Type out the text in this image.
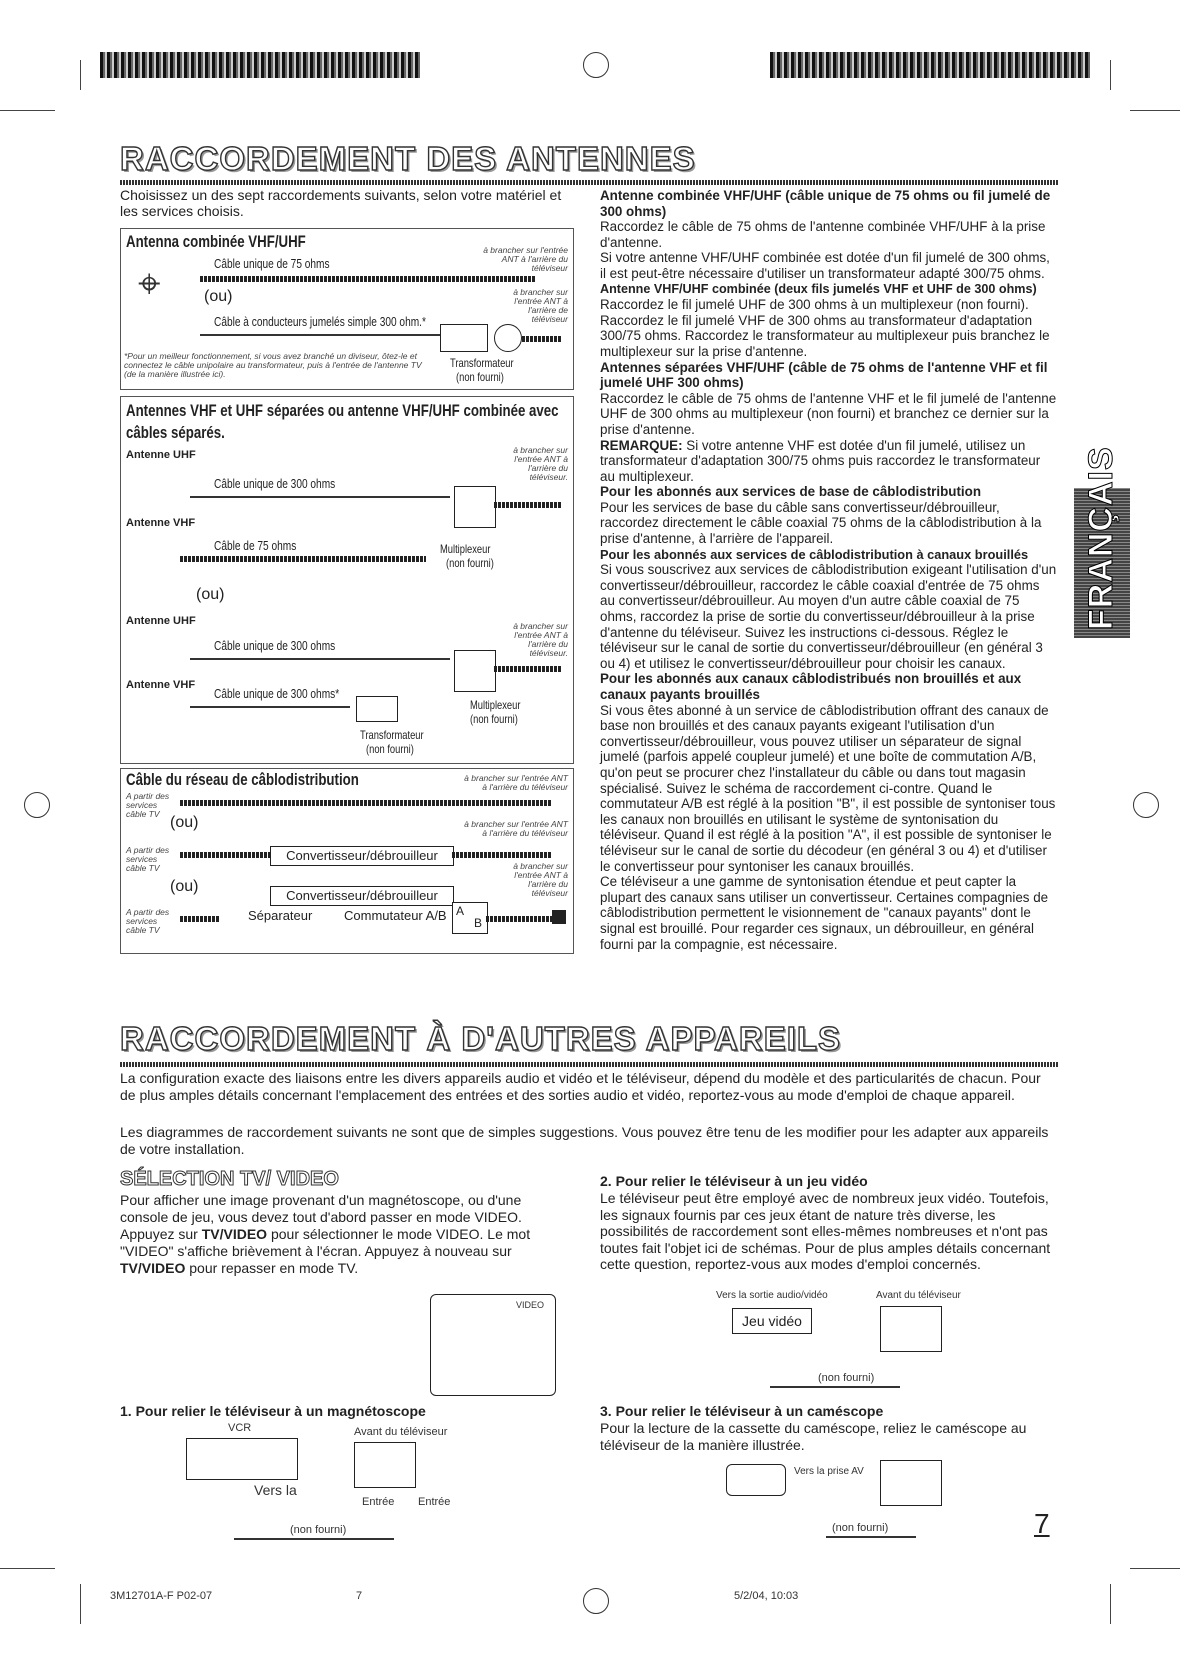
RACCORDEMENT DES ANTENNES

Choisissez un des sept raccordements suivants, selon votre matériel et les services choisis.

Antenna combinée VHF/UHF
⌖	Câble unique de 75 ohms
à brancher sur l'entrée ANT à l'arrière du téléviseur
(ou)	à brancher sur l'entrée ANT à l'arrière de téléviseur
Câble à conducteurs jumelés simple 300 ohm.*
*Pour un meilleur fonctionnement, si vous avez branché un diviseur, ôtez-le et connectez le câble unipolaire au transformateur, puis à l'entrée de l'antenne TV (de la manière illustrée ici).
Transformateur
(non fourni)
Antennes VHF et UHF séparées ou antenne VHF/UHF combinée avec câbles séparés.
Antenne UHF
Câble unique de 300 ohms
Antenne VHF
Câble de 75 ohms	Multiplexeur
(non fourni)
à brancher sur l'entrée ANT à l'arrière du téléviseur.
(ou)
Antenne UHF
Câble unique de 300 ohms
à brancher sur l'entrée ANT à l'arrière du téléviseur.
Antenne VHF
Câble unique de 300 ohms*
Multiplexeur
(non fourni)
Transformateur
(non fourni)
Câble du réseau de câblodistribution
A partir des services câble TV
à brancher sur l'entrée ANT à l'arrière du téléviseur
(ou)	à brancher sur l'entrée ANT à l'arrière du téléviseur
A partir des services câble TV
Convertisseur/débrouilleur
(ou)
à brancher sur l'entrée ANT à l'arrière du téléviseur
Convertisseur/débrouilleur
A partir des services câble TV
Séparateur Commutateur A/B A
B
Antenne combinée VHF/UHF (câble unique de 75 ohms ou fil jumelé de 300 ohms)

Raccordez le câble de 75 ohms de l'antenne combinée VHF/UHF à la prise d'antenne.

Si votre antenne VHF/UHF combinée est dotée d'un fil jumelé de 300 ohms, il est peut-être nécessaire d'utiliser un transformateur adapté 300/75 ohms.

Antenne VHF/UHF combinée (deux fils jumelés VHF et UHF de 300 ohms)

Raccordez le fil jumelé UHF de 300 ohms à un multiplexeur (non fourni). Raccordez le fil jumelé VHF de 300 ohms au transformateur d'adaptation 300/75 ohms. Raccordez le transformateur au multiplexeur puis branchez le multiplexeur sur la prise d'antenne.

Antennes séparées VHF/UHF (câble de 75 ohms de l'antenne VHF et fil jumelé UHF 300 ohms)

Raccordez le câble de 75 ohms de l'antenne VHF et le fil jumelé de l'antenne UHF de 300 ohms au multiplexeur (non fourni) et branchez ce dernier sur la prise d'antenne.

REMARQUE: Si votre antenne VHF est dotée d'un fil jumelé, utilisez un transformateur d'adaptation 300/75 ohms puis raccordez le transformateur au multiplexeur.

Pour les abonnés aux services de base de câblodistribution

Pour les services de base du câble sans convertisseur/débrouilleur, raccordez directement le câble coaxial 75 ohms de la câblodistribution à la prise d'antenne, à l'arrière de l'appareil.

Pour les abonnés aux services de câblodistribution à canaux brouillés

Si vous souscrivez aux services de câblodistribution exigeant l'utilisation d'un convertisseur/débrouilleur, raccordez le câble coaxial d'entrée de 75 ohms au convertisseur/débrouilleur. Au moyen d'un autre câble coaxial de 75 ohms, raccordez la prise de sortie du convertisseur/débrouilleur à la prise d'antenne du téléviseur. Suivez les instructions ci-dessous. Réglez le téléviseur sur le canal de sortie du convertisseur/débrouilleur (en général 3 ou 4) et utilisez le convertisseur/débrouilleur pour choisir les canaux.

Pour les abonnés aux canaux câblodistribués non brouillés et aux canaux payants brouillés

Si vous êtes abonné à un service de câblodistribution offrant des canaux de base non brouillés et des canaux payants exigeant l'utilisation d'un convertisseur/débrouilleur, vous pouvez utiliser un séparateur de signal jumelé (parfois appelé coupleur jumelé) et une boîte de commutation A/B, qu'on peut se procurer chez l'installateur du câble ou dans tout magasin spécialisé. Suivez le schéma de raccordement ci-contre. Quand le commutateur A/B est réglé à la position "B", il est possible de syntoniser tous les canaux non brouillés en utilisant le système de syntonisation du téléviseur. Quand il est réglé à la position "A", il est possible de syntoniser le téléviseur sur le canal de sortie du décodeur (en général 3 ou 4) et d'utiliser le convertisseur pour syntoniser les canaux brouillés.

Ce téléviseur a une gamme de syntonisation étendue et peut capter la plupart des canaux sans utiliser un convertisseur. Certaines compagnies de câblodistribution permettent le visionnement de "canaux payants" dont le signal est brouillé. Pour regarder ces signaux, un débrouilleur, en général fourni par la compagnie, est nécessaire.

FRANÇAIS
RACCORDEMENT À D'AUTRES APPAREILS

La configuration exacte des liaisons entre les divers appareils audio et vidéo et le téléviseur, dépend du modèle et des particularités de chacun. Pour de plus amples détails concernant l'emplacement des entrées et des sorties audio et vidéo, reportez-vous au mode d'emploi de chaque appareil.

Les diagrammes de raccordement suivants ne sont que de simples suggestions. Vous pouvez être tenu de les modifier pour les adapter aux appareils de votre installation.

SÉLECTION TV/ VIDEO

Pour afficher une image provenant d'un magnétoscope, ou d'une console de jeu, vous devez tout d'abord passer en mode VIDEO. Appuyez sur TV/VIDEO pour sélectionner le mode VIDEO. Le mot "VIDEO" s'affiche brièvement à l'écran. Appuyez à nouveau sur TV/VIDEO pour repasser en mode TV.

VIDEO
1. Pour relier le téléviseur à un magnétoscope
VCR	Avant du téléviseur
Vers la
Entrée Entrée
(non fourni)
2. Pour relier le téléviseur à un jeu vidéo

Le téléviseur peut être employé avec de nombreux jeux vidéo. Toutefois, les signaux fournis par ces jeux étant de nature très diverse, les possibilités de raccordement sont elles-mêmes nombreuses et n'ont pas toutes fait l'objet ici de schémas. Pour de plus amples détails concernant cette question, reportez-vous aux modes d'emploi concernés.

Vers la sortie audio/vidéo	Avant du téléviseur
Jeu vidéo
(non fourni)
3. Pour relier le téléviseur à un caméscope

Pour la lecture de la cassette du caméscope, reliez le caméscope au téléviseur de la manière illustrée.

Vers la prise AV
(non fourni)	7
3M12701A-F P02-07	7	5/2/04, 10:03
